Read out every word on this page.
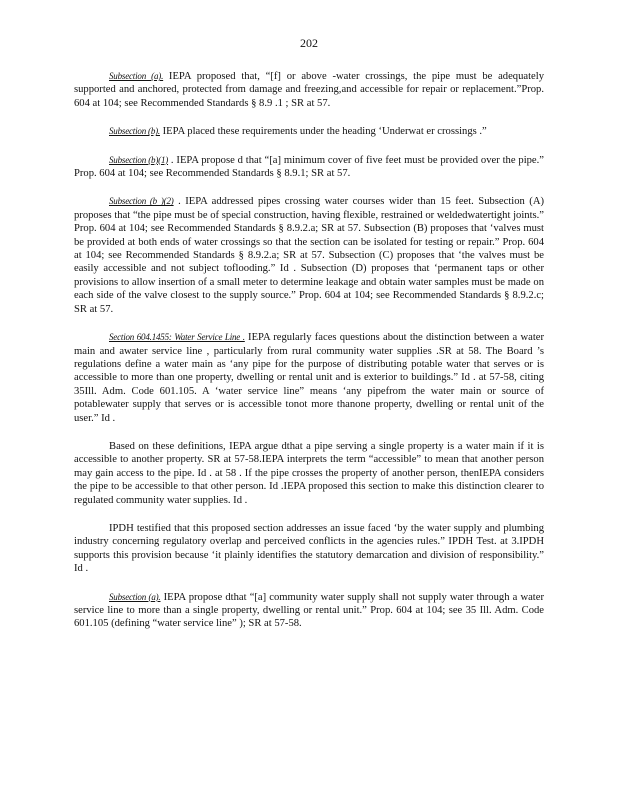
202

Subsection (a). IEPA proposed that, “[f] or above -water crossings, the pipe must be adequately supported and anchored, protected from damage and freezing,and accessible for repair or replacement.”Prop. 604 at 104; see Recommended Standards § 8.9 .1 ; SR at 57.

Subsection (b). IEPA placed these requirements under the heading ‘Underwat er crossings .”

Subsection (b)(1) . IEPA propose d that “[a] minimum cover of five feet must be provided over the pipe.” Prop. 604 at 104; see Recommended Standards § 8.9.1; SR at 57.

Subsection (b )(2) . IEPA addressed pipes crossing water courses wider than 15 feet. Subsection (A) proposes that “the pipe must be of special construction, having flexible, restrained or weldedwatertight joints.” Prop. 604 at 104; see Recommended Standards § 8.9.2.a; SR at 57. Subsection (B) proposes that ‘valves must be provided at both ends of water crossings so that the section can be isolated for testing or repair.” Prop. 604 at 104; see Recommended Standards § 8.9.2.a; SR at 57. Subsection (C) proposes that ‘the valves must be easily accessible and not subject toflooding.” Id . Subsection (D) proposes that ‘permanent taps or other provisions to allow insertion of a small meter to determine leakage and obtain water samples must be made on each side of the valve closest to the supply source.” Prop. 604 at 104; see Recommended Standards § 8.9.2.c; SR at 57.

Section 604.1455: Water Service Line . IEPA regularly faces questions about the distinction between a water main and awater service line , particularly from rural community water supplies .SR at 58. The Board ’s regulations define a water main as ‘any pipe for the purpose of distributing potable water that serves or is accessible to more than one property, dwelling or rental unit and is exterior to buildings.” Id . at 57-58, citing 35Ill. Adm. Code 601.105. A ‘water service line” means ‘any pipefrom the water main or source of potablewater supply that serves or is accessible tonot more thanone property, dwelling or rental unit of the user.” Id .

Based on these definitions, IEPA argue dthat a pipe serving a single property is a water main if it is accessible to another property. SR at 57-58.IEPA interprets the term “accessible” to mean that another person may gain access to the pipe. Id . at 58 . If the pipe crosses the property of another person, thenIEPA considers the pipe to be accessible to that other person. Id .IEPA proposed this section to make this distinction clearer to regulated community water supplies. Id .

IPDH testified that this proposed section addresses an issue faced ‘by the water supply and plumbing industry concerning regulatory overlap and perceived conflicts in the agencies rules.” IPDH Test. at 3.IPDH supports this provision because ‘it plainly identifies the statutory demarcation and division of responsibility.” Id .

Subsection (a). IEPA propose dthat “[a] community water supply shall not supply water through a water service line to more than a single property, dwelling or rental unit.” Prop. 604 at 104; see 35 Ill. Adm. Code 601.105 (defining “water service line” ); SR at 57-58.
